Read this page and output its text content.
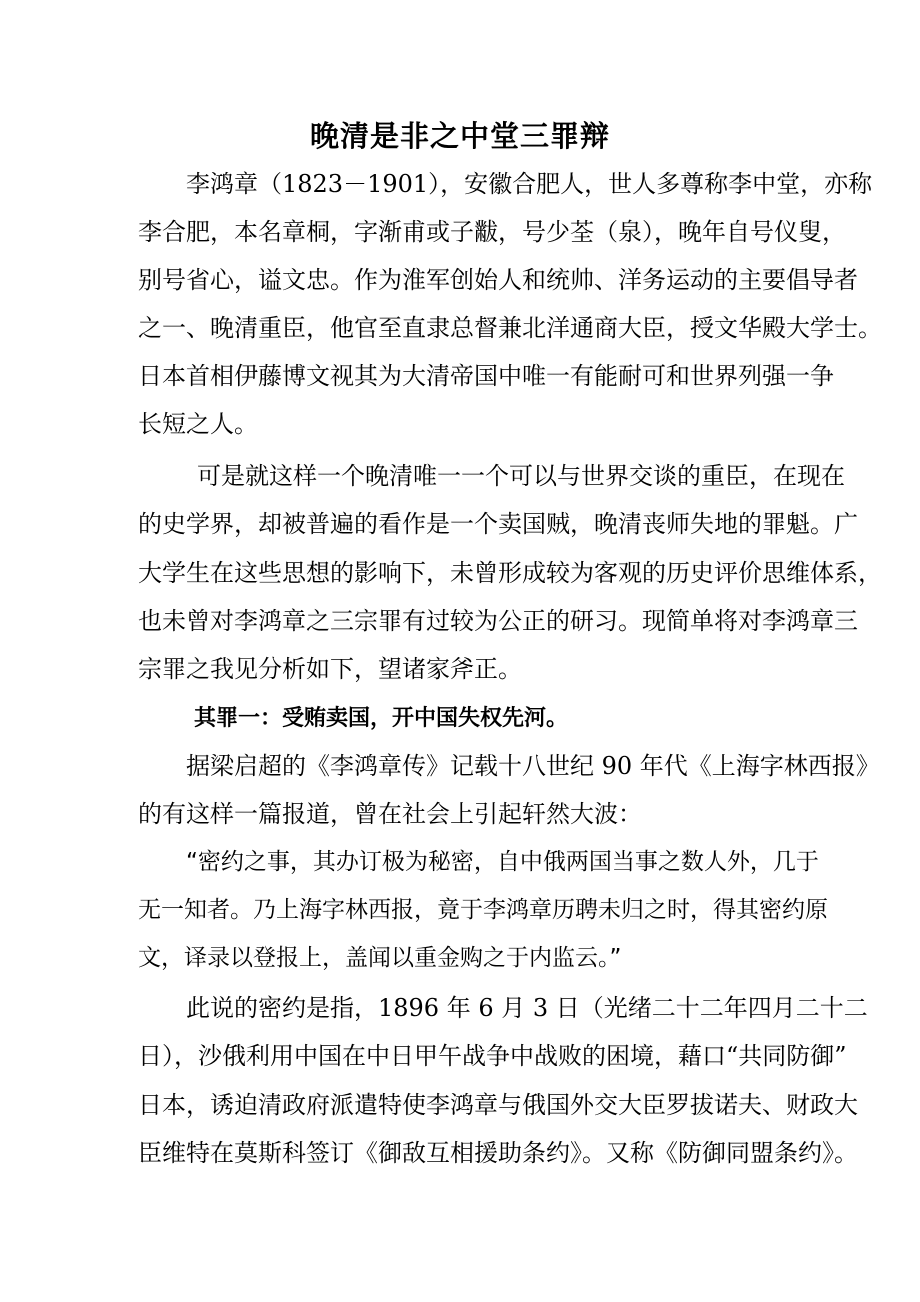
晚清是非之中堂三罪辩
李鸿章（1823－1901），安徽合肥人，世人多尊称李中堂，亦称
李合肥，本名章桐，字渐甫或子黻，号少荃（泉），晚年自号仪叟，
别号省心，谥文忠。作为淮军创始人和统帅、洋务运动的主要倡导者
之一、晚清重臣，他官至直隶总督兼北洋通商大臣，授文华殿大学士。
日本首相伊藤博文视其为大清帝国中唯一有能耐可和世界列强一争
长短之人。
可是就这样一个晚清唯一一个可以与世界交谈的重臣，在现在
的史学界，却被普遍的看作是一个卖国贼，晚清丧师失地的罪魁。广
大学生在这些思想的影响下，未曾形成较为客观的历史评价思维体系，
也未曾对李鸿章之三宗罪有过较为公正的研习。现简单将对李鸿章三
宗罪之我见分析如下，望诸家斧正。
其罪一：受贿卖国，开中国失权先河。
据梁启超的《李鸿章传》记载十八世纪 90 年代《上海字林西报》
的有这样一篇报道，曾在社会上引起轩然大波：
“密约之事，其办订极为秘密，自中俄两国当事之数人外，几于
无一知者。乃上海字林西报，竟于李鸿章历聘未归之时，得其密约原
文，译录以登报上，盖闻以重金购之于内监云。”
此说的密约是指，1896 年 6 月 3 日（光绪二十二年四月二十二
日），沙俄利用中国在中日甲午战争中战败的困境，藉口“共同防御”
日本，诱迫清政府派遣特使李鸿章与俄国外交大臣罗拔诺夫、财政大
臣维特在莫斯科签订《御敌互相援助条约》。又称《防御同盟条约》。
